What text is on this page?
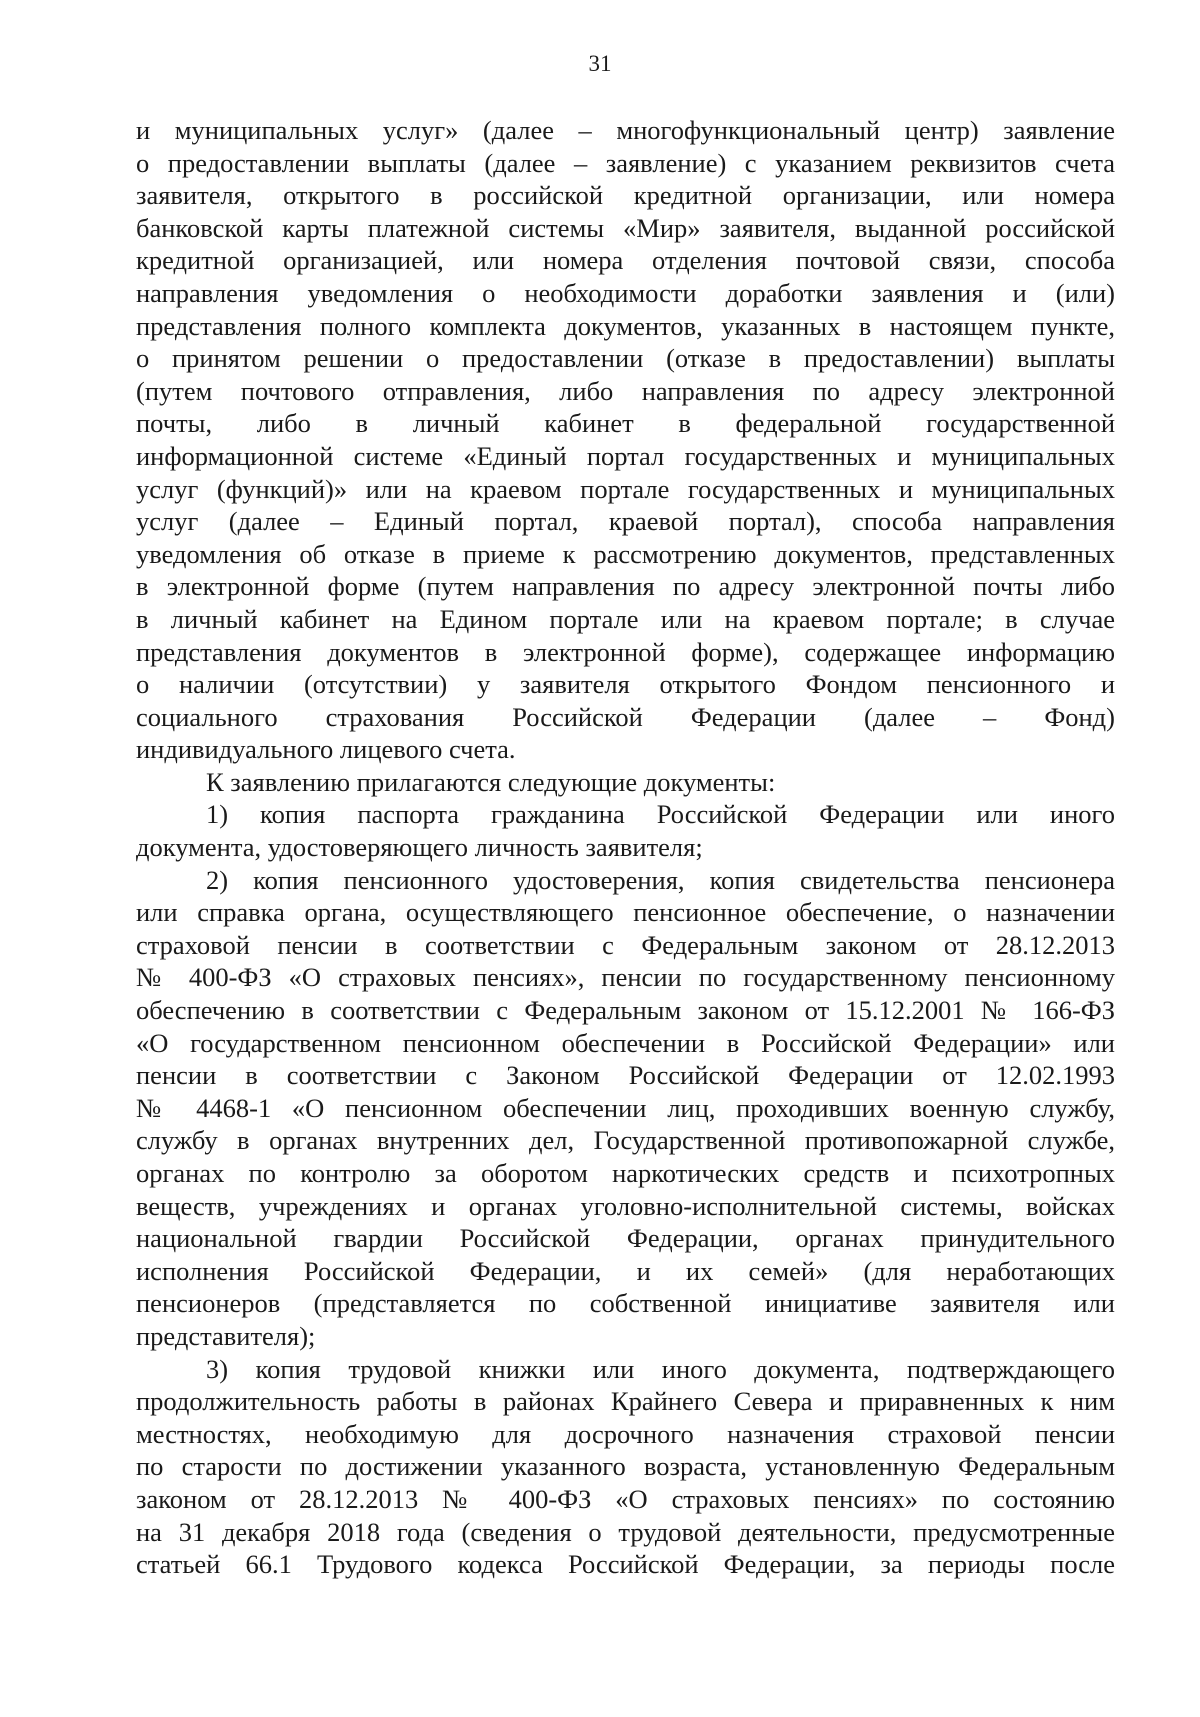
31

и муниципальных услуг» (далее – многофункциональный центр) заявление

о предоставлении выплаты (далее – заявление) с указанием реквизитов счета

заявителя, открытого в российской кредитной организации, или номера

банковской карты платежной системы «Мир» заявителя, выданной российской

кредитной организацией, или номера отделения почтовой связи, способа

направления уведомления о необходимости доработки заявления и (или)

представления полного комплекта документов, указанных в настоящем пункте,

о принятом решении о предоставлении (отказе в предоставлении) выплаты

(путем почтового отправления, либо направления по адресу электронной

почты, либо в личный кабинет в федеральной государственной

информационной системе «Единый портал государственных и муниципальных

услуг (функций)» или на краевом портале государственных и муниципальных

услуг (далее – Единый портал, краевой портал), способа направления

уведомления об отказе в приеме к рассмотрению документов, представленных

в электронной форме (путем направления по адресу электронной почты либо

в личный кабинет на Едином портале или на краевом портале; в случае

представления документов в электронной форме), содержащее информацию

о наличии (отсутствии) у заявителя открытого Фондом пенсионного и

социального страхования Российской Федерации (далее – Фонд)

индивидуального лицевого счета.

К заявлению прилагаются следующие документы:

1) копия паспорта гражданина Российской Федерации или иного

документа, удостоверяющего личность заявителя;

2) копия пенсионного удостоверения, копия свидетельства пенсионера

или справка органа, осуществляющего пенсионное обеспечение, о назначении

страховой пенсии в соответствии с Федеральным законом от 28.12.2013

№ 400-ФЗ «О страховых пенсиях», пенсии по государственному пенсионному

обеспечению в соответствии с Федеральным законом от 15.12.2001 № 166-ФЗ

«О государственном пенсионном обеспечении в Российской Федерации» или

пенсии в соответствии с Законом Российской Федерации от 12.02.1993

№ 4468-1 «О пенсионном обеспечении лиц, проходивших военную службу,

службу в органах внутренних дел, Государственной противопожарной службе,

органах по контролю за оборотом наркотических средств и психотропных

веществ, учреждениях и органах уголовно-исполнительной системы, войсках

национальной гвардии Российской Федерации, органах принудительного

исполнения Российской Федерации, и их семей» (для неработающих

пенсионеров (представляется по собственной инициативе заявителя или

представителя);

3) копия трудовой книжки или иного документа, подтверждающего

продолжительность работы в районах Крайнего Севера и приравненных к ним

местностях, необходимую для досрочного назначения страховой пенсии

по старости по достижении указанного возраста, установленную Федеральным

законом от 28.12.2013 № 400-ФЗ «О страховых пенсиях» по состоянию

на 31 декабря 2018 года (сведения о трудовой деятельности, предусмотренные

статьей 66.1 Трудового кодекса Российской Федерации, за периоды после
